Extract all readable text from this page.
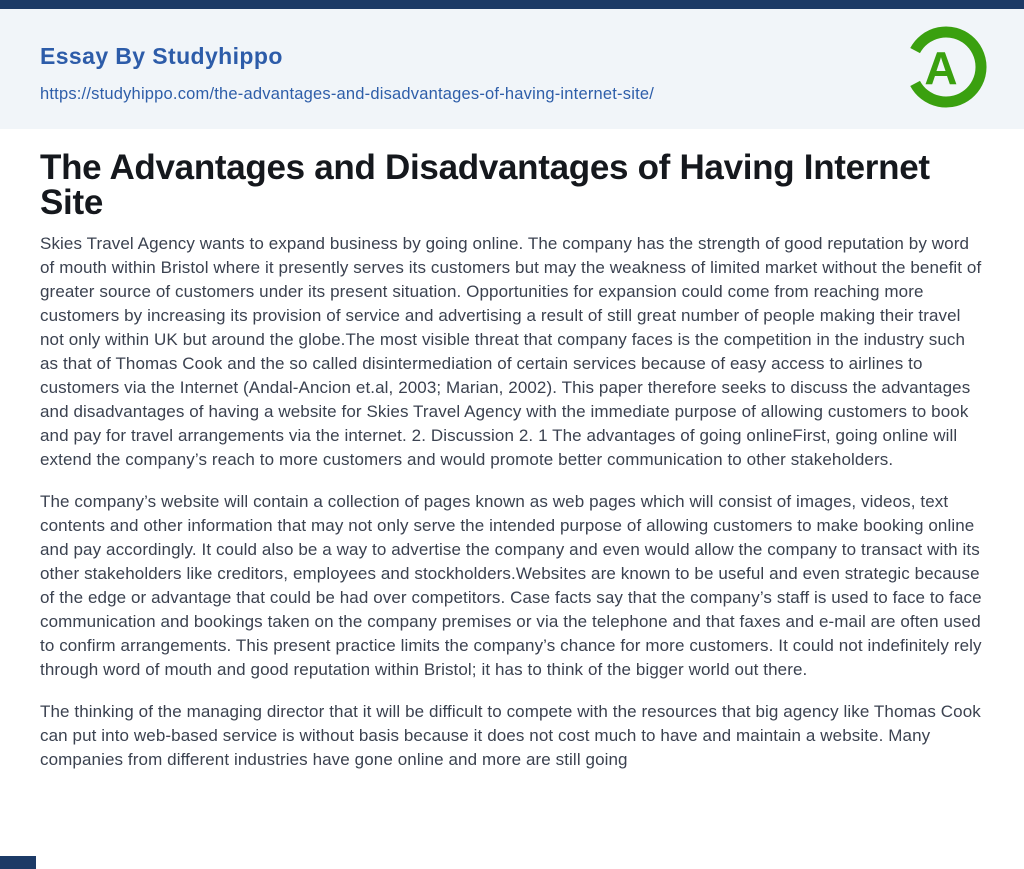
Essay By Studyhippo
https://studyhippo.com/the-advantages-and-disadvantages-of-having-internet-site/	A
The Advantages and Disadvantages of Having Internet Site

Skies Travel Agency wants to expand business by going online. The company has the strength of good reputation by word of mouth within Bristol where it presently serves its customers but may the weakness of limited market without the benefit of greater source of customers under its present situation. Opportunities for expansion could come from reaching more customers by increasing its provision of service and advertising a result of still great number of people making their travel not only within UK but around the globe.The most visible threat that company faces is the competition in the industry such as that of Thomas Cook and the so called disintermediation of certain services because of easy access to airlines to customers via the Internet (Andal-Ancion et.al, 2003; Marian, 2002). This paper therefore seeks to discuss the advantages and disadvantages of having a website for Skies Travel Agency with the immediate purpose of allowing customers to book and pay for travel arrangements via the internet. 2. Discussion 2. 1 The advantages of going onlineFirst, going online will extend the company’s reach to more customers and would promote better communication to other stakeholders.

The company’s website will contain a collection of pages known as web pages which will consist of images, videos, text contents and other information that may not only serve the intended purpose of allowing customers to make booking online and pay accordingly. It could also be a way to advertise the company and even would allow the company to transact with its other stakeholders like creditors, employees and stockholders.Websites are known to be useful and even strategic because of the edge or advantage that could be had over competitors. Case facts say that the company’s staff is used to face to face communication and bookings taken on the company premises or via the telephone and that faxes and e-mail are often used to confirm arrangements. This present practice limits the company’s chance for more customers. It could not indefinitely rely through word of mouth and good reputation within Bristol; it has to think of the bigger world out there.

The thinking of the managing director that it will be difficult to compete with the resources that big agency like Thomas Cook can put into web-based service is without basis because it does not cost much to have and maintain a website. Many companies from different industries have gone online and more are still going
